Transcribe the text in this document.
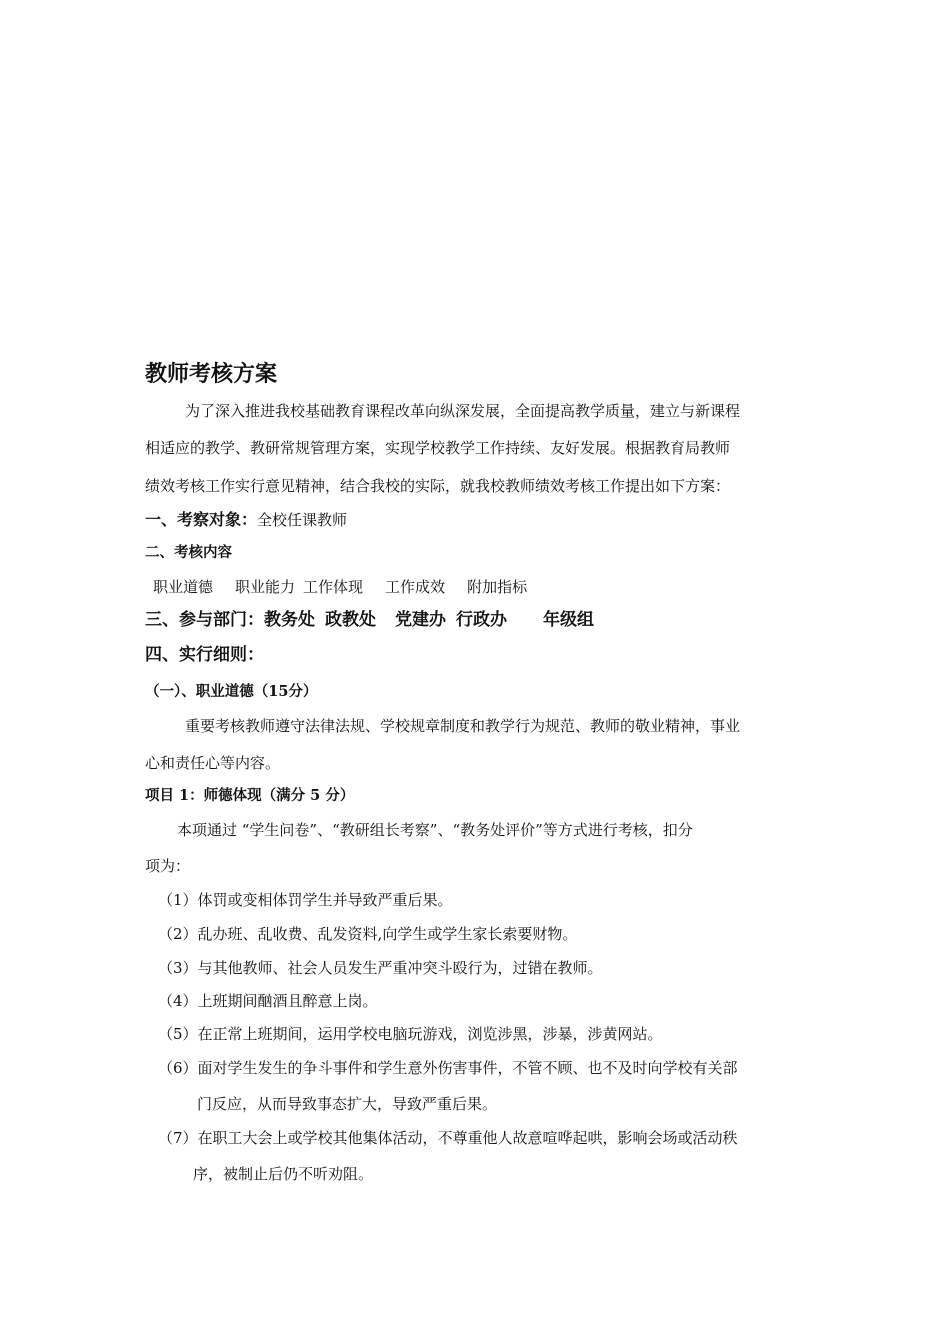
教师考核方案
为了深入推进我校基础教育课程改革向纵深发展，全面提高教学质量，建立与新课程
相适应的教学、教研常规管理方案，实现学校教学工作持续、友好发展。根据教育局教师
绩效考核工作实行意见精神，结合我校的实际，就我校教师绩效考核工作提出如下方案：
一、考察对象：全校任课教师
二、考核内容
职业道德 职业能力 工作体现 工作成效 附加指标
三、参与部门：教务处 政教处 党建办 行政办 年级组
四、实行细则：
（一）、职业道德（15分）
重要考核教师遵守法律法规、学校规章制度和教学行为规范、教师的敬业精神，事业
心和责任心等内容。
项目 1：师德体现（满分 5 分）
本项通过 “学生问卷”、“教研组长考察”、“教务处评价”等方式进行考核，扣分
项为：
（1）体罚或变相体罚学生并导致严重后果。
（2）乱办班、乱收费、乱发资料,向学生或学生家长索要财物。
（3）与其他教师、社会人员发生严重冲突斗殴行为，过错在教师。
（4）上班期间酗酒且醉意上岗。
（5）在正常上班期间，运用学校电脑玩游戏，浏览涉黑，涉暴，涉黄网站。
（6）面对学生发生的争斗事件和学生意外伤害事件，不管不顾、也不及时向学校有关部
门反应，从而导致事态扩大，导致严重后果。
（7）在职工大会上或学校其他集体活动，不尊重他人故意喧哗起哄，影响会场或活动秩
序，被制止后仍不听劝阻。
